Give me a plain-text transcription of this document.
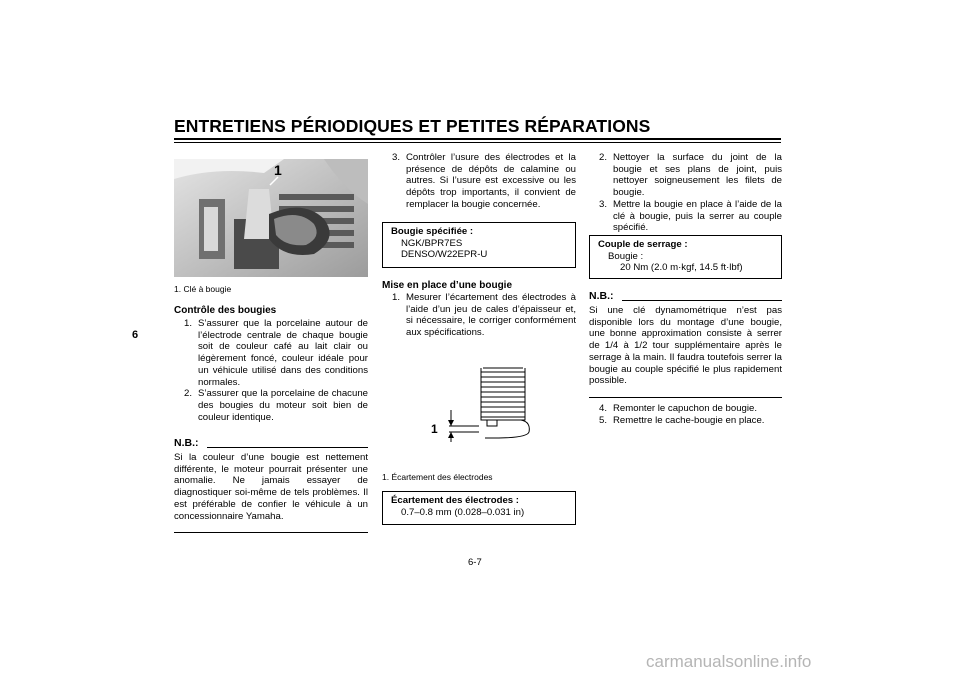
ENTRETIENS PÉRIODIQUES ET PETITES RÉPARATIONS
6
1
1. Clé à bougie
Contrôle des bougies
1. S’assurer que la porcelaine autour de l’électrode centrale de chaque bougie soit de couleur café au lait clair ou légèrement foncé, couleur idéale pour un véhicule utilisé dans des conditions normales.
2. S’assurer que la porcelaine de chacune des bougies du moteur soit bien de couleur identique.
N.B.:
Si la couleur d’une bougie est nettement différente, le moteur pourrait présenter une anomalie. Ne jamais essayer de diagnostiquer soi-même de tels problèmes. Il est préférable de confier le véhicule à un concessionnaire Yamaha.
3. Contrôler l’usure des électrodes et la présence de dépôts de calamine ou autres. Si l’usure est excessive ou les dépôts trop importants, il convient de remplacer la bougie concernée.
Bougie spécifiée :
NGK/BPR7ES
DENSO/W22EPR-U
Mise en place d’une bougie
1. Mesurer l’écartement des électrodes à l’aide d’un jeu de cales d’épaisseur et, si nécessaire, le corriger conformément aux spécifications.
1
1. Écartement des électrodes
Écartement des électrodes :
0.7–0.8 mm (0.028–0.031 in)
2. Nettoyer la surface du joint de la bougie et ses plans de joint, puis nettoyer soigneusement les filets de bougie.
3. Mettre la bougie en place à l’aide de la clé à bougie, puis la serrer au couple spécifié.
Couple de serrage :
Bougie :
20 Nm (2.0 m·kgf, 14.5 ft·lbf)
N.B.:
Si une clé dynamométrique n’est pas disponible lors du montage d’une bougie, une bonne approximation consiste à serrer de 1/4 à 1/2 tour supplémentaire après le serrage à la main. Il faudra toutefois serrer la bougie au couple spécifié le plus rapidement possible.
4. Remonter le capuchon de bougie.
5. Remettre le cache-bougie en place.
6-7
carmanualsonline.info
